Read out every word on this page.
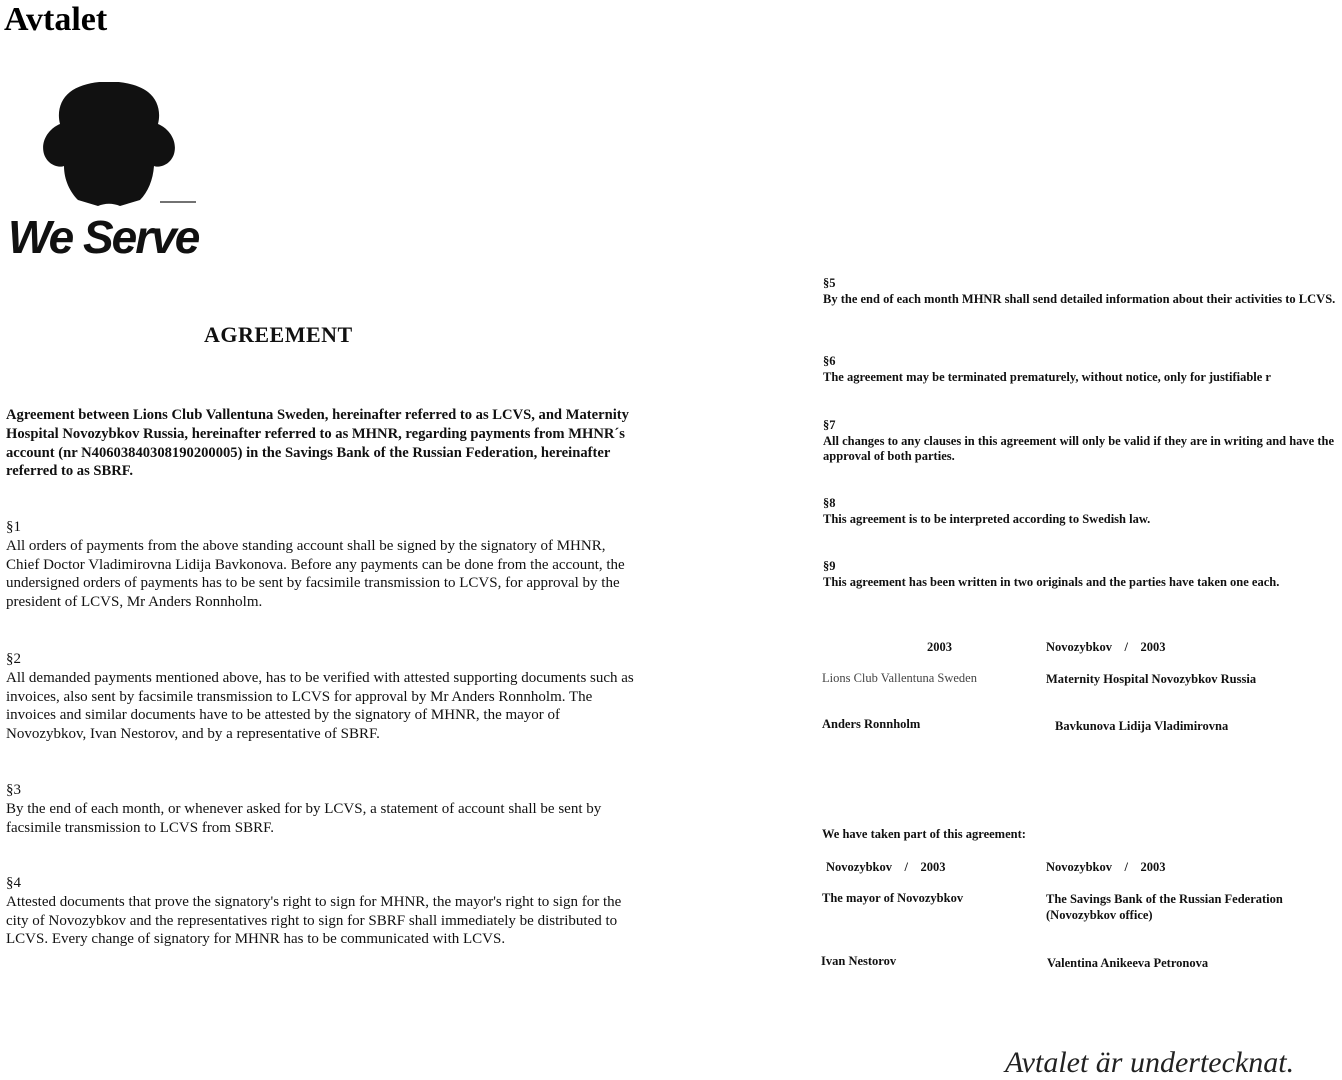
Avtalet
We Serve
AGREEMENT
Agreement between Lions Club Vallentuna Sweden, hereinafter referred to as LCVS, and Maternity Hospital Novozybkov Russia, hereinafter referred to as MHNR, regarding payments from MHNR´s account (nr N40603840308190200005) in the Savings Bank of the Russian Federation, hereinafter referred to as SBRF.
§1
All orders of payments from the above standing account shall be signed by the signatory of MHNR, Chief Doctor Vladimirovna Lidija Bavkonova. Before any payments can be done from the account, the undersigned orders of payments has to be sent by facsimile transmission to LCVS, for approval by the president of LCVS, Mr Anders Ronnholm.
§2
All demanded payments mentioned above, has to be verified with attested supporting documents such as invoices, also sent by facsimile transmission to LCVS for approval by Mr Anders Ronnholm. The invoices and similar documents have to be attested by the signatory of MHNR, the mayor of Novozybkov, Ivan Nestorov, and by a representative of SBRF.
§3
By the end of each month, or whenever asked for by LCVS, a statement of account shall be sent by facsimile transmission to LCVS from SBRF.
§4
Attested documents that prove the signatory's right to sign for MHNR, the mayor's right to sign for the city of Novozybkov and the representatives right to sign for SBRF shall immediately be distributed to LCVS. Every change of signatory for MHNR has to be communicated with LCVS.
§5
By the end of each month MHNR shall send detailed information about their activities to LCVS.
§6
The agreement may be terminated prematurely, without notice, only for justifiable r
§7
All changes to any clauses in this agreement will only be valid if they are in writing and have the approval of both parties.
§8
This agreement is to be interpreted according to Swedish law.
§9
This agreement has been written in two originals and the parties have taken one each.
2003	Novozybkov    /    2003
Lions Club Vallentuna Sweden	Maternity Hospital Novozybkov Russia
Anders Ronnholm	Bavkunova Lidija Vladimirovna
We have taken part of this agreement:
Novozybkov    /    2003	Novozybkov    /    2003
The mayor of Novozybkov	The Savings Bank of the Russian Federation
(Novozybkov office)
Ivan Nestorov	Valentina Anikeeva Petronova
Avtalet är undertecknat.
